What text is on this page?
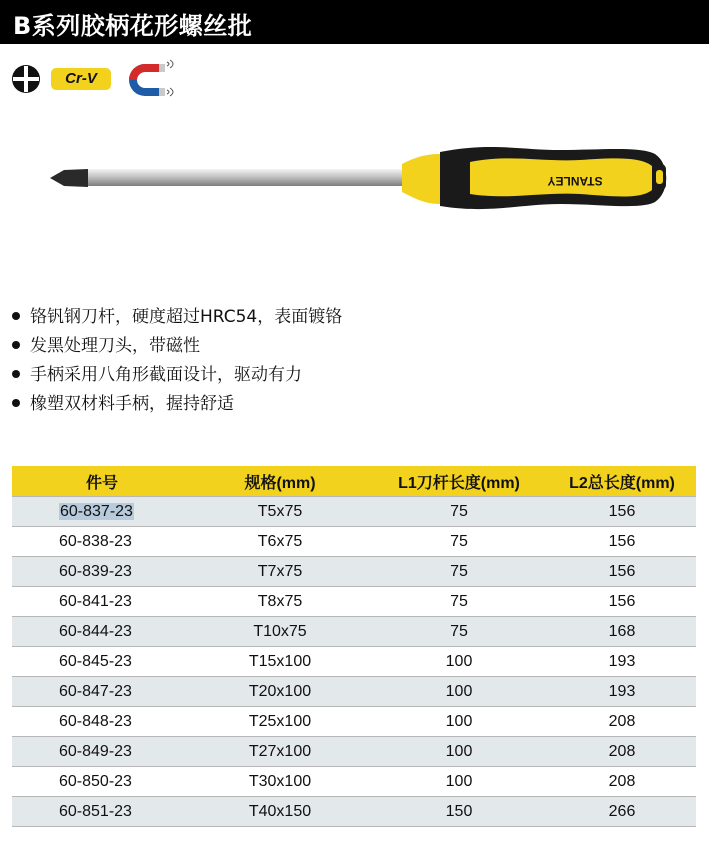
B系列胶柄花形螺丝批
Cr-V
STANLEY
铬钒钢刀杆，硬度超过HRC54，表面镀铬
发黑处理刀头，带磁性
手柄采用八角形截面设计，驱动有力
橡塑双材料手柄，握持舒适
件号	规格(mm)	L1刀杆长度(mm)	L2总长度(mm)
60-837-23	T5x75	75	156
60-838-23	T6x75	75	156
60-839-23	T7x75	75	156
60-841-23	T8x75	75	156
60-844-23	T10x75	75	168
60-845-23	T15x100	100	193
60-847-23	T20x100	100	193
60-848-23	T25x100	100	208
60-849-23	T27x100	100	208
60-850-23	T30x100	100	208
60-851-23	T40x150	150	266
